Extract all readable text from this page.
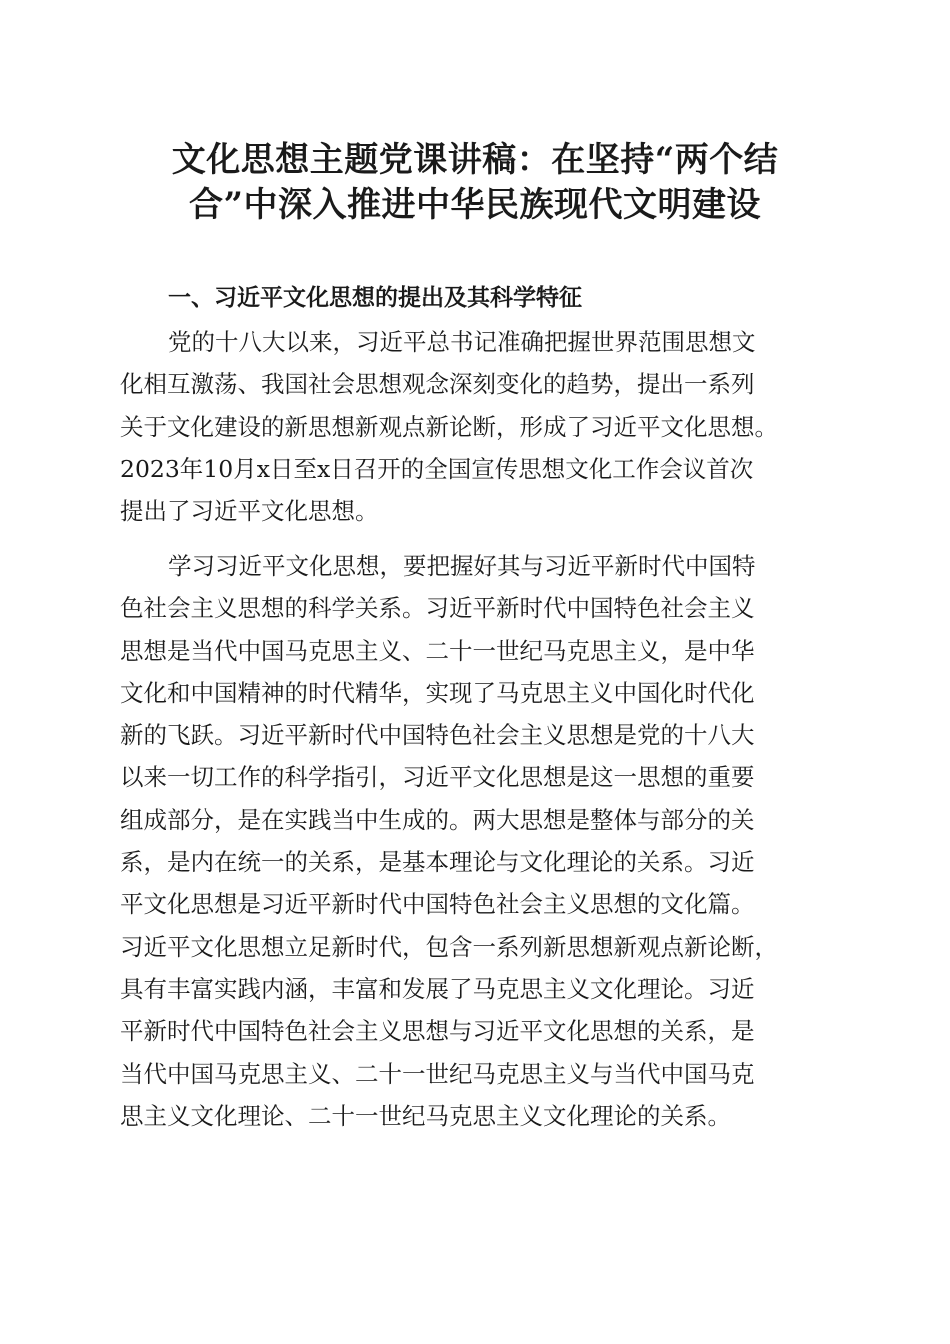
文化思想主题党课讲稿：在坚持“两个结
合”中深入推进中华民族现代文明建设
一、习近平文化思想的提出及其科学特征

党的十八大以来，习近平总书记准确把握世界范围思想文
化相互激荡、我国社会思想观念深刻变化的趋势，提出一系列
关于文化建设的新思想新观点新论断，形成了习近平文化思想。
2023年10月x日至x日召开的全国宣传思想文化工作会议首次
提出了习近平文化思想。

学习习近平文化思想，要把握好其与习近平新时代中国特
色社会主义思想的科学关系。习近平新时代中国特色社会主义
思想是当代中国马克思主义、二十一世纪马克思主义，是中华
文化和中国精神的时代精华，实现了马克思主义中国化时代化
新的飞跃。习近平新时代中国特色社会主义思想是党的十八大
以来一切工作的科学指引，习近平文化思想是这一思想的重要
组成部分，是在实践当中生成的。两大思想是整体与部分的关
系，是内在统一的关系，是基本理论与文化理论的关系。习近
平文化思想是习近平新时代中国特色社会主义思想的文化篇。
习近平文化思想立足新时代，包含一系列新思想新观点新论断，
具有丰富实践内涵，丰富和发展了马克思主义文化理论。习近
平新时代中国特色社会主义思想与习近平文化思想的关系，是
当代中国马克思主义、二十一世纪马克思主义与当代中国马克
思主义文化理论、二十一世纪马克思主义文化理论的关系。
